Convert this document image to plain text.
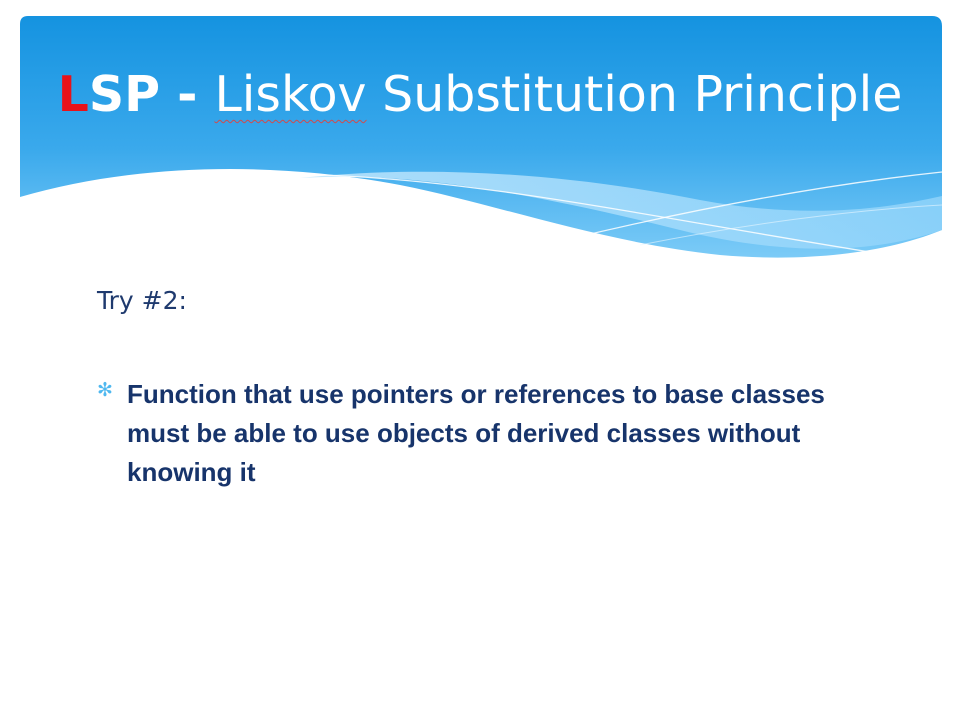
LSP - Liskov Substitution Principle
Try #2:
✻ Function that use pointers or references to base classes must be able to use objects of derived classes without knowing it
